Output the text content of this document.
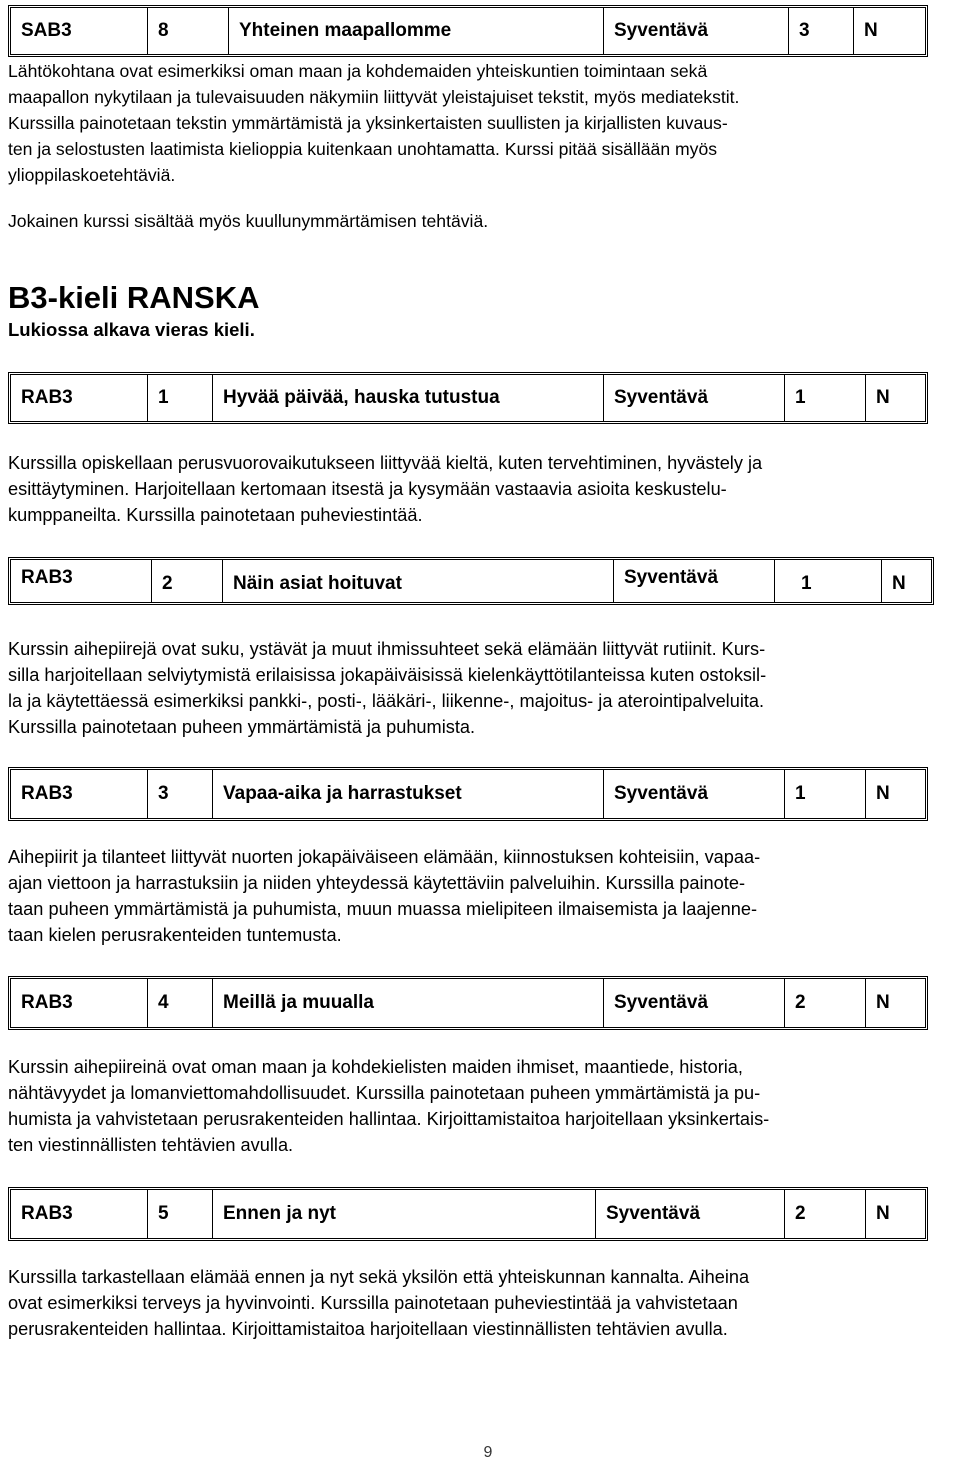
SAB3	8	Yhteinen maapallomme	Syventävä	3	N
Lähtökohtana ovat esimerkiksi oman maan ja kohdemaiden yhteiskuntien toimintaan sekä
maapallon nykytilaan ja tulevaisuuden näkymiin liittyvät yleistajuiset tekstit, myös mediatekstit.
Kurssilla painotetaan tekstin ymmärtämistä ja yksinkertaisten suullisten ja kirjallisten kuvaus-
ten ja selostusten laatimista kielioppia kuitenkaan unohtamatta. Kurssi pitää sisällään myös
ylioppilaskoetehtäviä.
Jokainen kurssi sisältää myös kuullunymmärtämisen tehtäviä.
B3-kieli RANSKA
Lukiossa alkava vieras kieli.
RAB3	1	Hyvää päivää, hauska tutustua	Syventävä	1	N
Kurssilla opiskellaan perusvuorovaikutukseen liittyvää kieltä, kuten tervehtiminen, hyvästely ja
esittäytyminen. Harjoitellaan kertomaan itsestä ja kysymään vastaavia asioita keskustelu-
kumppaneilta. Kurssilla painotetaan puheviestintää.
RAB3	2	Näin asiat hoituvat	Syventävä	1	N
Kurssin aihepiirejä ovat suku, ystävät ja muut ihmissuhteet sekä elämään liittyvät rutiinit. Kurs-
silla harjoitellaan selviytymistä erilaisissa jokapäiväisissä kielenkäyttötilanteissa kuten ostoksil-
la ja käytettäessä esimerkiksi pankki-, posti-, lääkäri-, liikenne-, majoitus- ja aterointipalveluita.
Kurssilla painotetaan puheen ymmärtämistä ja puhumista.
RAB3	3	Vapaa-aika ja harrastukset	Syventävä	1	N
Aihepiirit ja tilanteet liittyvät nuorten jokapäiväiseen elämään, kiinnostuksen kohteisiin, vapaa-
ajan viettoon ja harrastuksiin ja niiden yhteydessä käytettäviin palveluihin. Kurssilla painote-
taan puheen ymmärtämistä ja puhumista, muun muassa mielipiteen ilmaisemista ja laajenne-
taan kielen perusrakenteiden tuntemusta.
RAB3	4	Meillä ja muualla	Syventävä	2	N
Kurssin aihepiireinä ovat oman maan ja kohdekielisten maiden ihmiset, maantiede, historia,
nähtävyydet ja lomanviettomahdollisuudet. Kurssilla painotetaan puheen ymmärtämistä ja pu-
humista ja vahvistetaan perusrakenteiden hallintaa. Kirjoittamistaitoa harjoitellaan yksinkertais-
ten viestinnällisten tehtävien avulla.
RAB3	5	Ennen ja nyt	Syventävä	2	N
Kurssilla tarkastellaan elämää ennen ja nyt sekä yksilön että yhteiskunnan kannalta. Aiheina
ovat esimerkiksi terveys ja hyvinvointi. Kurssilla painotetaan puheviestintää ja vahvistetaan
perusrakenteiden hallintaa. Kirjoittamistaitoa harjoitellaan viestinnällisten tehtävien avulla.
9
